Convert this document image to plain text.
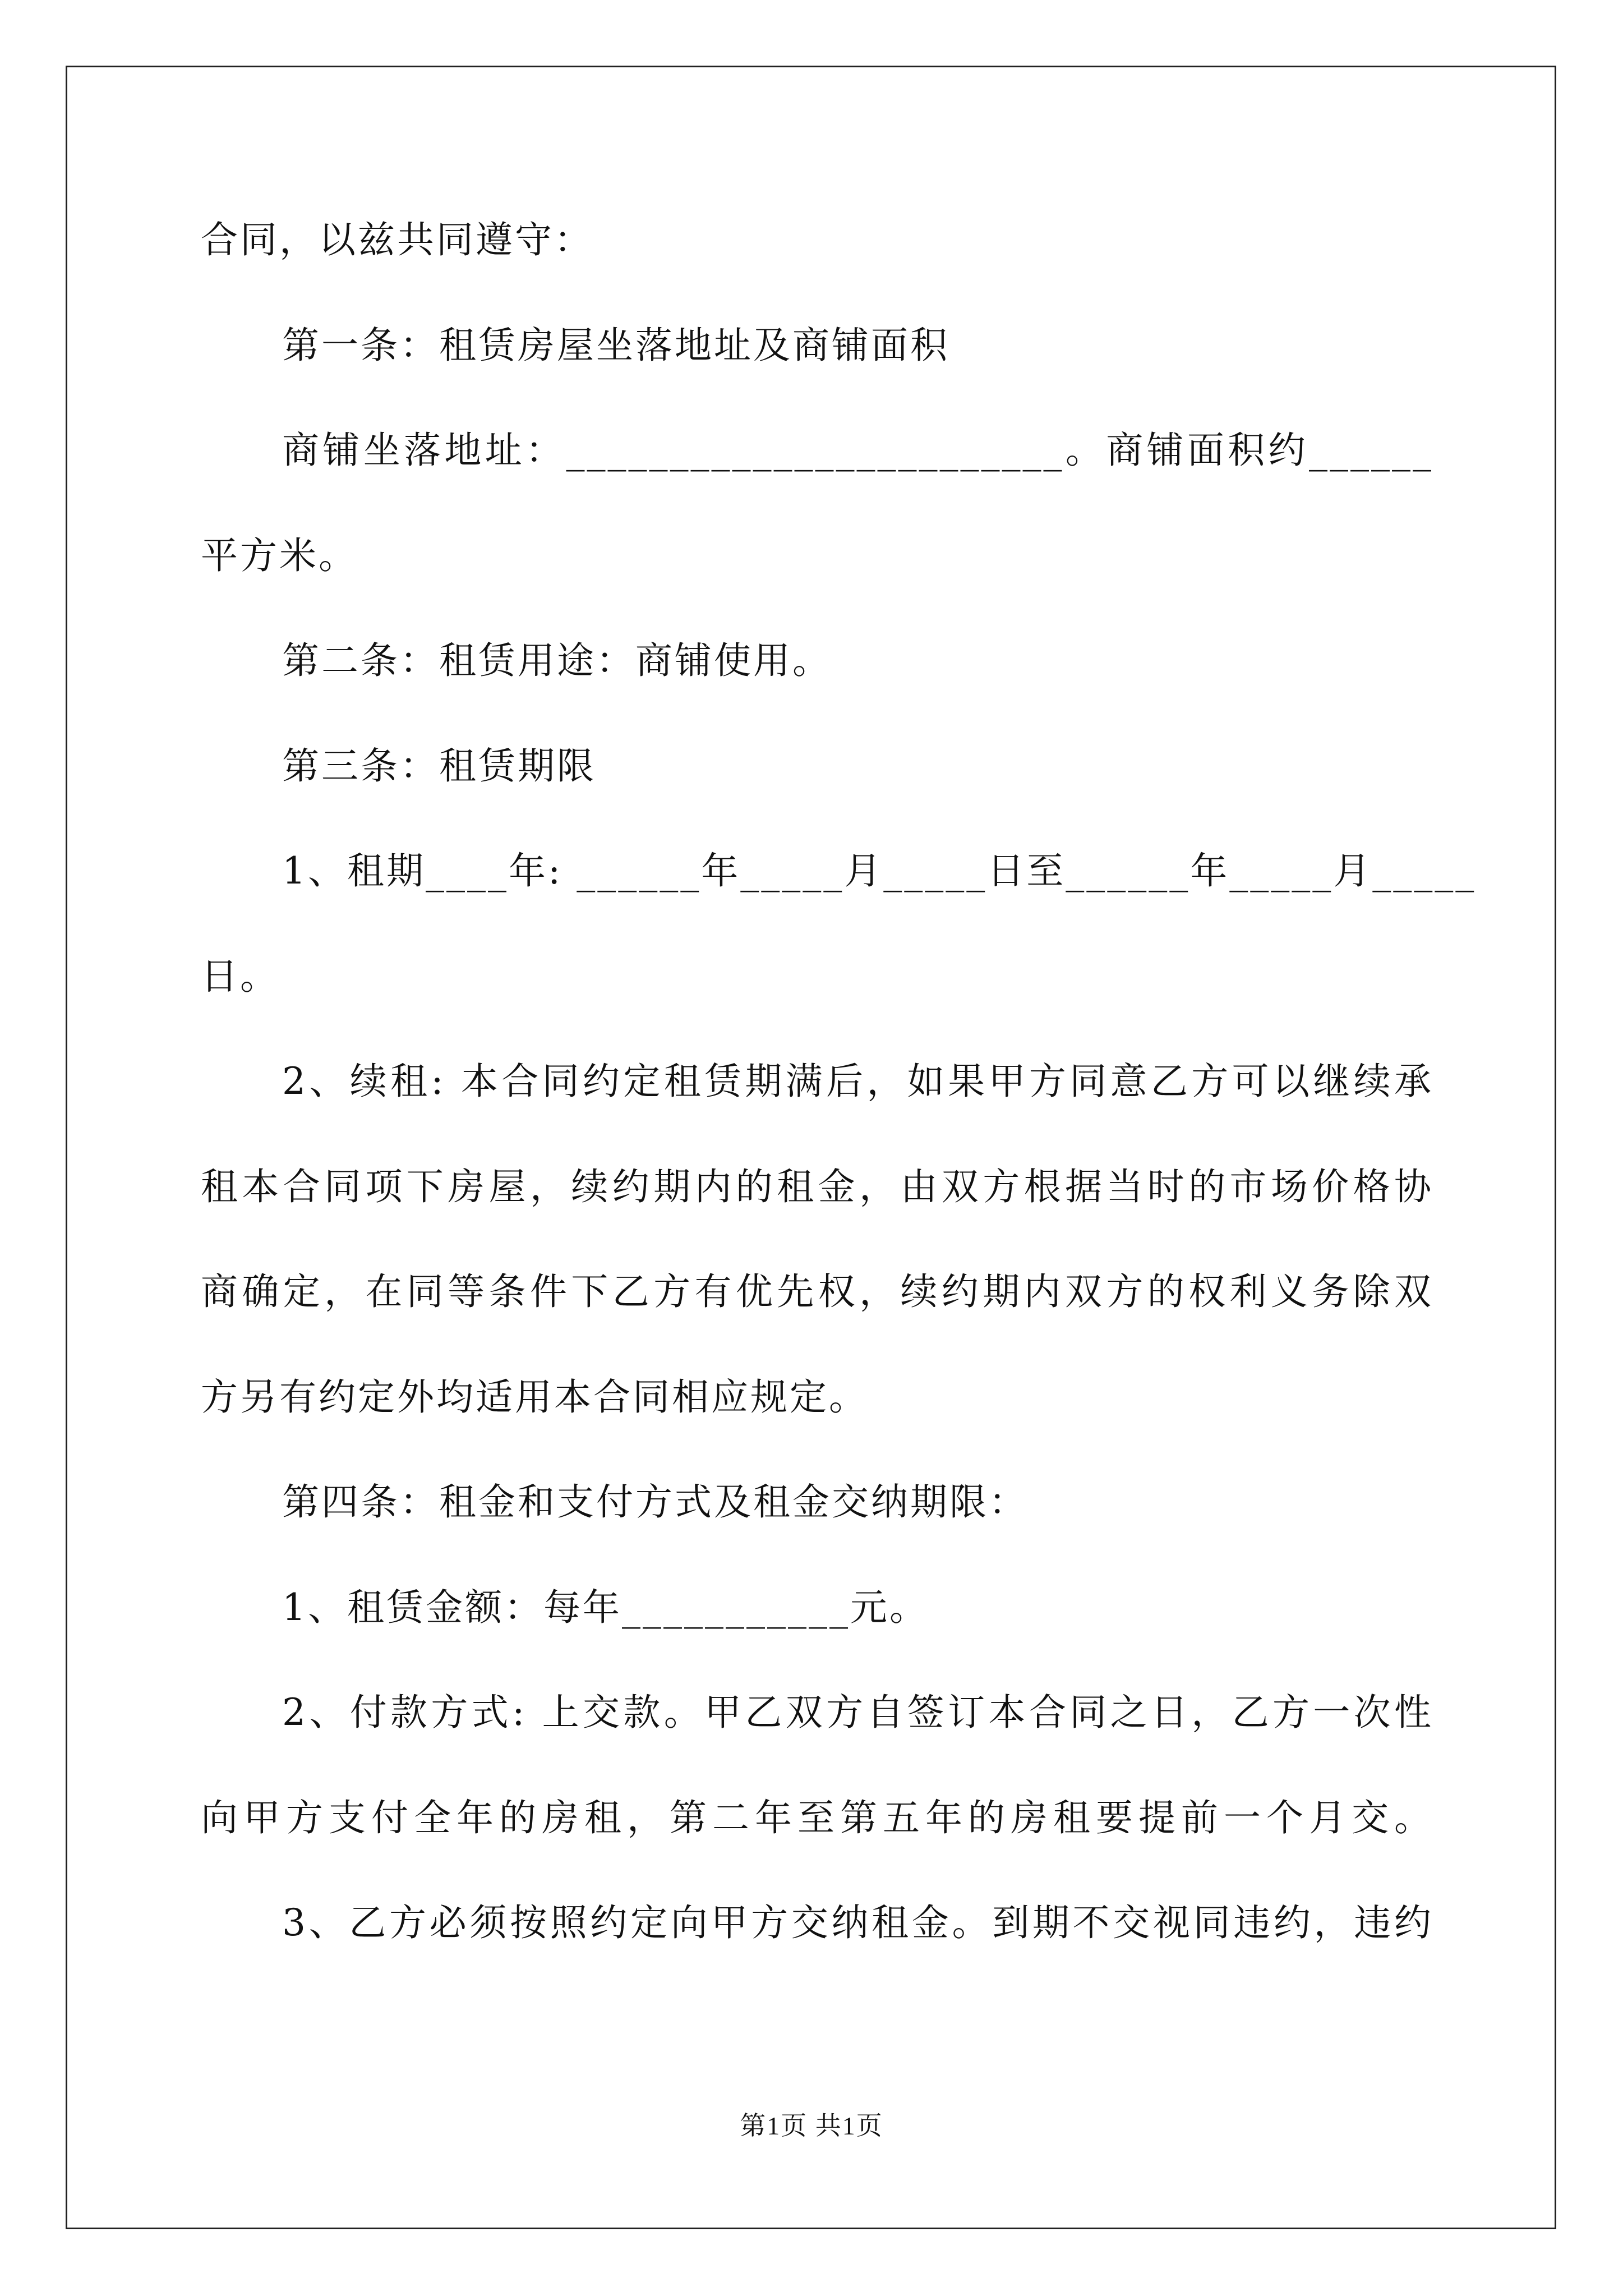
合同，以兹共同遵守：
第一条：租赁房屋坐落地址及商铺面积
商铺坐落地址：________________________。商铺面积约______
平方米。
第二条：租赁用途：商铺使用。
第三条：租赁期限
1、租期____年: ______年_____月_____日至______年_____月_____
日。
2、续租: 本合同约定租赁期满后，如果甲方同意乙方可以继续承
租本合同项下房屋，续约期内的租金，由双方根据当时的市场价格协
商确定，在同等条件下乙方有优先权，续约期内双方的权利义务除双
方另有约定外均适用本合同相应规定。
第四条：租金和支付方式及租金交纳期限：
1、租赁金额：每年___________元。
2、付款方式: 上交款。甲乙双方自签订本合同之日，乙方一次性
向甲方支付全年的房租，第二年至第五年的房租要提前一个月交。
3、乙方必须按照约定向甲方交纳租金。到期不交视同违约，违约
第1页 共1页
